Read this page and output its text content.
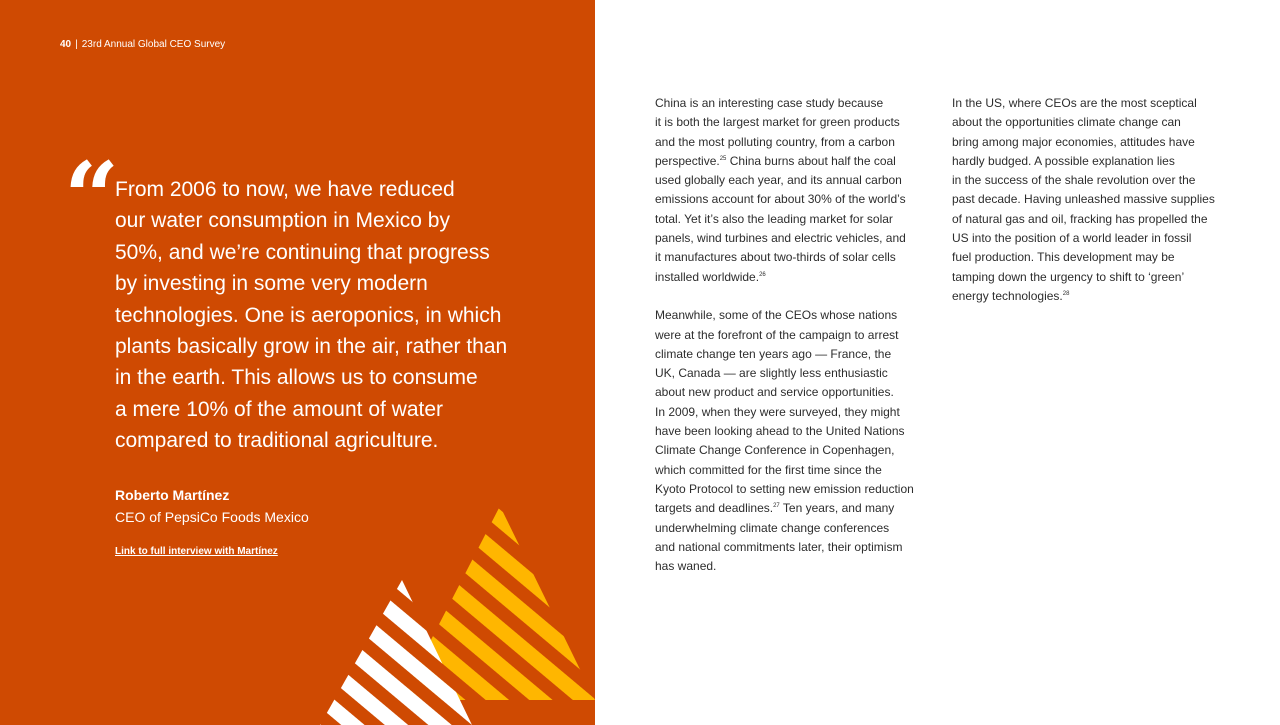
40 | 23rd Annual Global CEO Survey
“

From 2006 to now, we have reduced
our water consumption in Mexico by
50%, and we’re continuing that progress
by investing in some very modern
technologies. One is aeroponics, in which
plants basically grow in the air, rather than
in the earth. This allows us to consume
a mere 10% of the amount of water
compared to traditional agriculture.

Roberto Martínez
CEO of PepsiCo Foods Mexico
Link to full interview with Martínez
China is an interesting case study because
it is both the largest market for green products
and the most polluting country, from a carbon
perspective.$^{25}$ China burns about half the coal
used globally each year, and its annual carbon
emissions account for about 30% of the world’s
total. Yet it’s also the leading market for solar
panels, wind turbines and electric vehicles, and
it manufactures about two-thirds of solar cells
installed worldwide.$^{26}$
Meanwhile, some of the CEOs whose nations
were at the forefront of the campaign to arrest
climate change ten years ago — France, the
UK, Canada — are slightly less enthusiastic
about new product and service opportunities.
In 2009, when they were surveyed, they might
have been looking ahead to the United Nations
Climate Change Conference in Copenhagen,
which committed for the first time since the
Kyoto Protocol to setting new emission reduction
targets and deadlines.$^{27}$ Ten years, and many
underwhelming climate change conferences
and national commitments later, their optimism
has waned.
In the US, where CEOs are the most sceptical
about the opportunities climate change can
bring among major economies, attitudes have
hardly budged. A possible explanation lies
in the success of the shale revolution over the
past decade. Having unleashed massive supplies
of natural gas and oil, fracking has propelled the
US into the position of a world leader in fossil
fuel production. This development may be
tamping down the urgency to shift to ‘green’
energy technologies.$^{28}$
